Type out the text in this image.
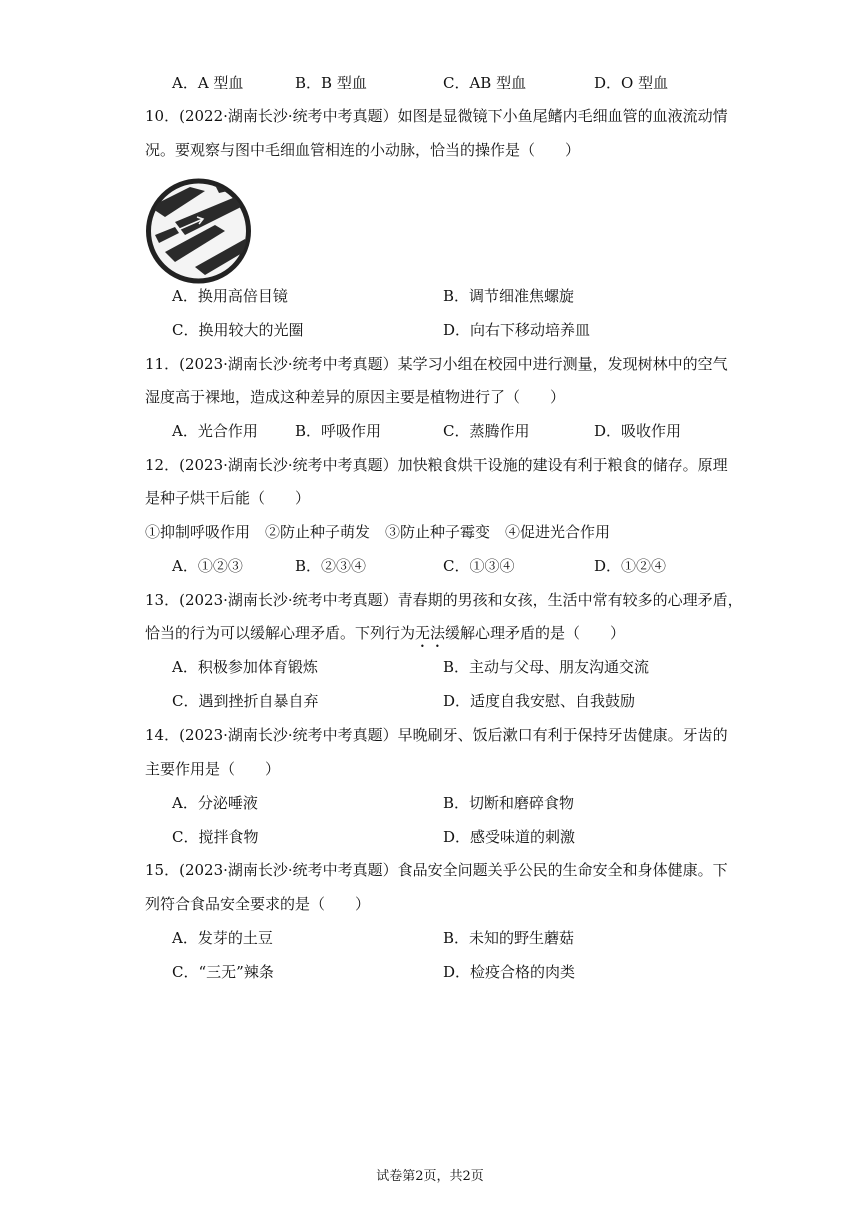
A．A 型血	B．B 型血	C．AB 型血	D．O 型血
10．(2022·湖南长沙·统考中考真题）如图是显微镜下小鱼尾鳍内毛细血管的血液流动情
况。要观察与图中毛细血管相连的小动脉，恰当的操作是（　　）
A．换用高倍目镜	B．调节细准焦螺旋
C．换用较大的光圈	D．向右下移动培养皿
11．(2023·湖南长沙·统考中考真题）某学习小组在校园中进行测量，发现树林中的空气
湿度高于裸地，造成这种差异的原因主要是植物进行了（　　）
A．光合作用 B．呼吸作用	C．蒸腾作用	D．吸收作用
12．(2023·湖南长沙·统考中考真题）加快粮食烘干设施的建设有利于粮食的储存。原理
是种子烘干后能（　　）
①抑制呼吸作用　②防止种子萌发　③防止种子霉变　④促进光合作用
A．①②③	B．②③④	C．①③④	D．①②④
13．(2023·湖南长沙·统考中考真题）青春期的男孩和女孩，生活中常有较多的心理矛盾，
恰当的行为可以缓解心理矛盾。下列行为无法缓解心理矛盾的是（　　）
A．积极参加体育锻炼	B．主动与父母、朋友沟通交流
C．遇到挫折自暴自弃	D．适度自我安慰、自我鼓励
14．(2023·湖南长沙·统考中考真题）早晚刷牙、饭后漱口有利于保持牙齿健康。牙齿的
主要作用是（　　）
A．分泌唾液	B．切断和磨碎食物
C．搅拌食物	D．感受味道的刺激
15．(2023·湖南长沙·统考中考真题）食品安全问题关乎公民的生命安全和身体健康。下
列符合食品安全要求的是（　　）
A．发芽的土豆	B．未知的野生蘑菇
C．“三无”辣条	D．检疫合格的肉类
试卷第2页，共2页
